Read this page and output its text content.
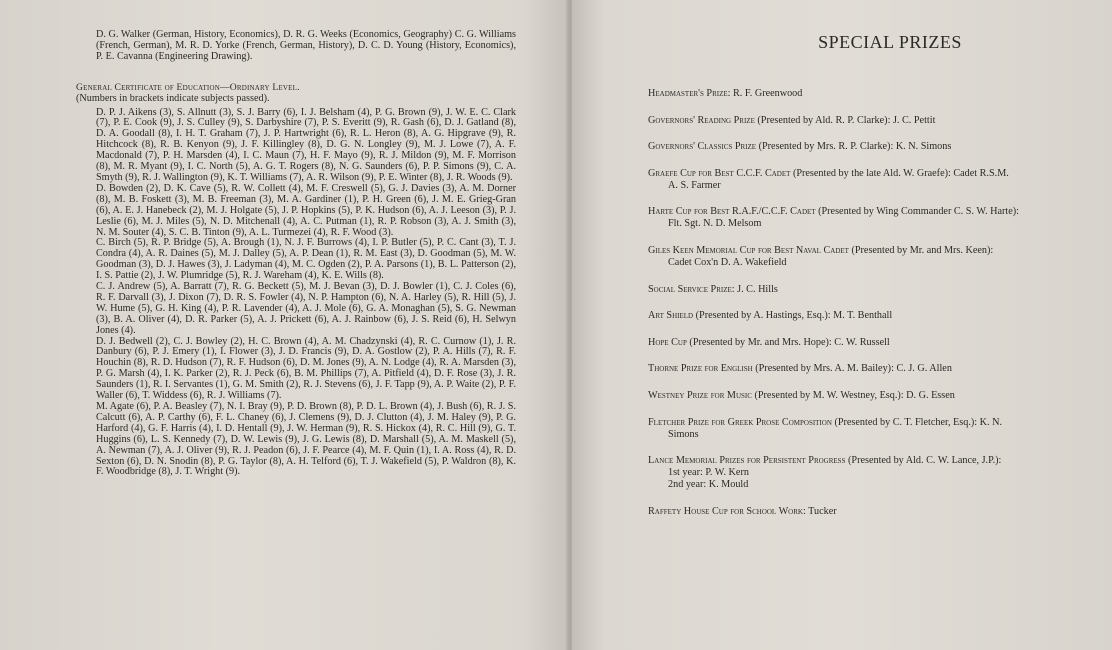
D. G. Walker (German, History, Economics), D. R. G. Weeks (Economics, Geography) C. G. Williams (French, German), M. R. D. Yorke (French, German, History), D. C. D. Young (History, Economics), P. E. Cavanna (Engineering Drawing).

General Certificate of Education—Ordinary Level.

(Numbers in brackets indicate subjects passed).

D. P. J. Aikens (3), S. Allnutt (3), S. J. Barry (6), I. J. Belsham (4), P. G. Brown (9), J. W. E. C. Clark (7), P. E. Cook (9), J. S. Culley (9), S. Darbyshire (7), P. S. Everitt (9), R. Gash (6), D. J. Gatland (8), D. A. Goodall (8), I. H. T. Graham (7), J. P. Hartwright (6), R. L. Heron (8), A. G. Hipgrave (9), R. Hitchcock (8), R. B. Kenyon (9), J. F. Killingley (8), D. G. N. Longley (9), M. J. Lowe (7), A. F. Macdonald (7), P. H. Marsden (4), I. C. Maun (7), H. F. Mayo (9), R. J. Mildon (9), M. F. Morrison (8), M. R. Myant (9), I. C. North (5), A. G. T. Rogers (8), N. G. Saunders (6), P. P. Simons (9), C. A. Smyth (9), R. J. Wallington (9), K. T. Williams (7), A. R. Wilson (9), P. E. Winter (8), J. R. Woods (9).

D. Bowden (2), D. K. Cave (5), R. W. Collett (4), M. F. Creswell (5), G. J. Davies (3), A. M. Dorner (8), M. B. Foskett (3), M. B. Freeman (3), M. A. Gardiner (1), P. H. Green (6), J. M. E. Grieg-Gran (6), A. E. J. Hanebeck (2), M. J. Holgate (5), J. P. Hopkins (5), P. K. Hudson (6), A. J. Leeson (3), P. J. Leslie (6), M. J. Miles (5), N. D. Mitchenall (4), A. C. Putman (1), R. P. Robson (3), A. J. Smith (3), N. M. Souter (4), S. C. B. Tinton (9), A. L. Turmezei (4), R. F. Wood (3).

C. Birch (5), R. P. Bridge (5), A. Brough (1), N. J. F. Burrows (4), I. P. Butler (5), P. C. Cant (3), T. J. Condra (4), A. R. Daines (5), M. J. Dalley (5), A. P. Dean (1), R. M. East (3), D. Goodman (5), M. W. Goodman (3), D. J. Hawes (3), J. Ladyman (4), M. C. Ogden (2), P. A. Parsons (1), B. L. Patterson (2), I. S. Pattie (2), J. W. Plumridge (5), R. J. Wareham (4), K. E. Wills (8).

C. J. Andrew (5), A. Barratt (7), R. G. Beckett (5), M. J. Bevan (3), D. J. Bowler (1), C. J. Coles (6), R. F. Darvall (3), J. Dixon (7), D. R. S. Fowler (4), N. P. Hampton (6), N. A. Harley (5), R. Hill (5), J. W. Hume (5), G. H. King (4), P. R. Lavender (4), A. J. Mole (6), G. A. Monaghan (5), S. G. Newman (3), B. A. Oliver (4), D. R. Parker (5), A. J. Prickett (6), A. J. Rainbow (6), J. S. Reid (6), H. Selwyn Jones (4).

D. J. Bedwell (2), C. J. Bowley (2), H. C. Brown (4), A. M. Chadzynski (4), R. C. Curnow (1), J. R. Danbury (6), P. J. Emery (1), I. Flower (3), J. D. Francis (9), D. A. Gostlow (2), P. A. Hills (7), R. F. Houchin (8), R. D. Hudson (7), R. F. Hudson (6), D. M. Jones (9), A. N. Lodge (4), R. A. Marsden (3), P. G. Marsh (4), I. K. Parker (2), R. J. Peck (6), B. M. Phillips (7), A. Pitfield (4), D. F. Rose (3), J. R. Saunders (1), R. I. Servantes (1), G. M. Smith (2), R. J. Stevens (6), J. F. Tapp (9), A. P. Waite (2), P. F. Waller (6), T. Widdess (6), R. J. Williams (7).

M. Agate (6), P. A. Beasley (7), N. I. Bray (9), P. D. Brown (8), P. D. L. Brown (4), J. Bush (6), R. J. S. Calcutt (6), A. P. Carthy (6), F. L. Chaney (6), J. Clemens (9), D. J. Clutton (4), J. M. Haley (9), P. G. Harford (4), G. F. Harris (4), I. D. Hentall (9), J. W. Herman (9), R. S. Hickox (4), R. C. Hill (9), G. T. Huggins (6), L. S. Kennedy (7), D. W. Lewis (9), J. G. Lewis (8), D. Marshall (5), A. M. Maskell (5), A. Newman (7), A. J. Oliver (9), R. J. Peadon (6), J. F. Pearce (4), M. F. Quin (1), I. A. Ross (4), R. D. Sexton (6), D. N. Snodin (8), P. G. Taylor (8), A. H. Telford (6), T. J. Wakefield (5), P. Waldron (8), K. F. Woodbridge (8), J. T. Wright (9).

SPECIAL PRIZES
Headmaster's Prize: R. F. Greenwood
Governors' Reading Prize (Presented by Ald. R. P. Clarke): J. C. Pettit
Governors' Classics Prize (Presented by Mrs. R. P. Clarke): K. N. Simons
Graefe Cup for Best C.C.F. Cadet (Presented by the late Ald. W. Graefe): Cadet R.S.M.
A. S. Farmer
Harte Cup for Best R.A.F./C.C.F. Cadet (Presented by Wing Commander C. S. W. Harte):
Flt. Sgt. N. D. Melsom
Giles Keen Memorial Cup for Best Naval Cadet (Presented by Mr. and Mrs. Keen):
Cadet Cox'n D. A. Wakefield
Social Service Prize: J. C. Hills
Art Shield (Presented by A. Hastings, Esq.): M. T. Benthall
Hope Cup (Presented by Mr. and Mrs. Hope): C. W. Russell
Thorne Prize for English (Presented by Mrs. A. M. Bailey): C. J. G. Allen
Westney Prize for Music (Presented by M. W. Westney, Esq.): D. G. Essen
Fletcher Prize for Greek Prose Composition (Presented by C. T. Fletcher, Esq.): K. N.
Simons
Lance Memorial Prizes for Persistent Progress (Presented by Ald. C. W. Lance, J.P.):
1st year: P. W. Kern
2nd year: K. Mould
Raffety House Cup for School Work: Tucker
